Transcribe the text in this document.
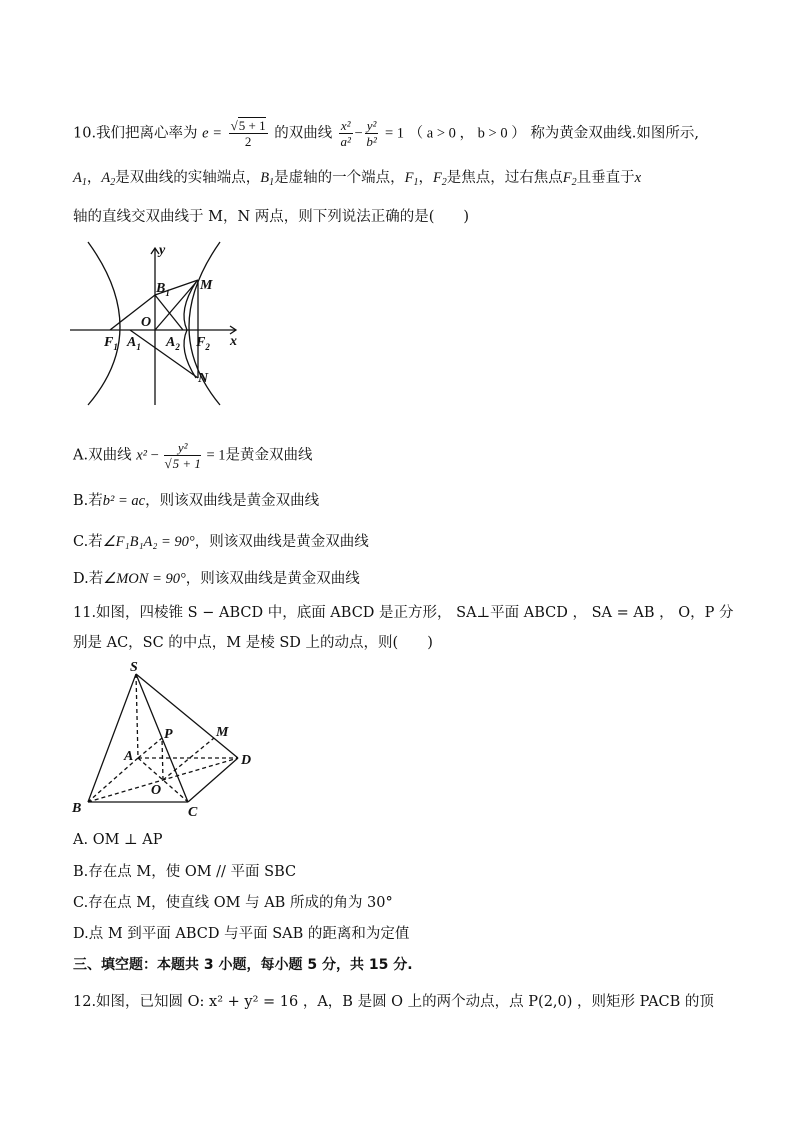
10.我们把离心率为 $e = \frac{√5 + 1}{2}$ 的双曲线 $\frac{\text{x²}}{\text{a²}} - \frac{\text{y²}}{\text{b²}} = 1$ （ a > 0 ， b > 0 ） 称为黄金双曲线.如图所示,
$A_1$，$A_2$是双曲线的实轴端点，$B_1$是虚轴的一个端点，$F_1$，$F_2$是焦点，过右焦点$F_2$且垂直于x
轴的直线交双曲线于 M，N 两点，则下列说法正确的是(　　)
y
x
$B_1$ M
O
$F_1$ $A_1$ $A_2$ $F_2$
N
A.双曲线 $x^2 - \frac{\text{y²}}{√5 + 1} = 1$是黄金双曲线
B.若b² = ac，则该双曲线是黄金双曲线
C.若∠F₁B₁A₂ = 90°，则该双曲线是黄金双曲线
D.若∠MON = 90°，则该双曲线是黄金双曲线
11.如图，四棱锥 S − ABCD 中，底面 ABCD 是正方形， SA⊥平面 ABCD ， SA = AB ， O，P 分
别是 AC，SC 的中点，M 是棱 SD 上的动点，则(　　)
S
P	M
A	D
O
B	C
A. OM ⊥ AP
B.存在点 M，使 OM // 平面 SBC
C.存在点 M，使直线 OM 与 AB 所成的角为 30°
D.点 M 到平面 ABCD 与平面 SAB 的距离和为定值
三、填空题：本题共 3 小题，每小题 5 分，共 15 分.
12.如图，已知圆 O: x² + y² = 16 ，A，B 是圆 O 上的两个动点，点 P(2,0) ，则矩形 PACB 的顶
